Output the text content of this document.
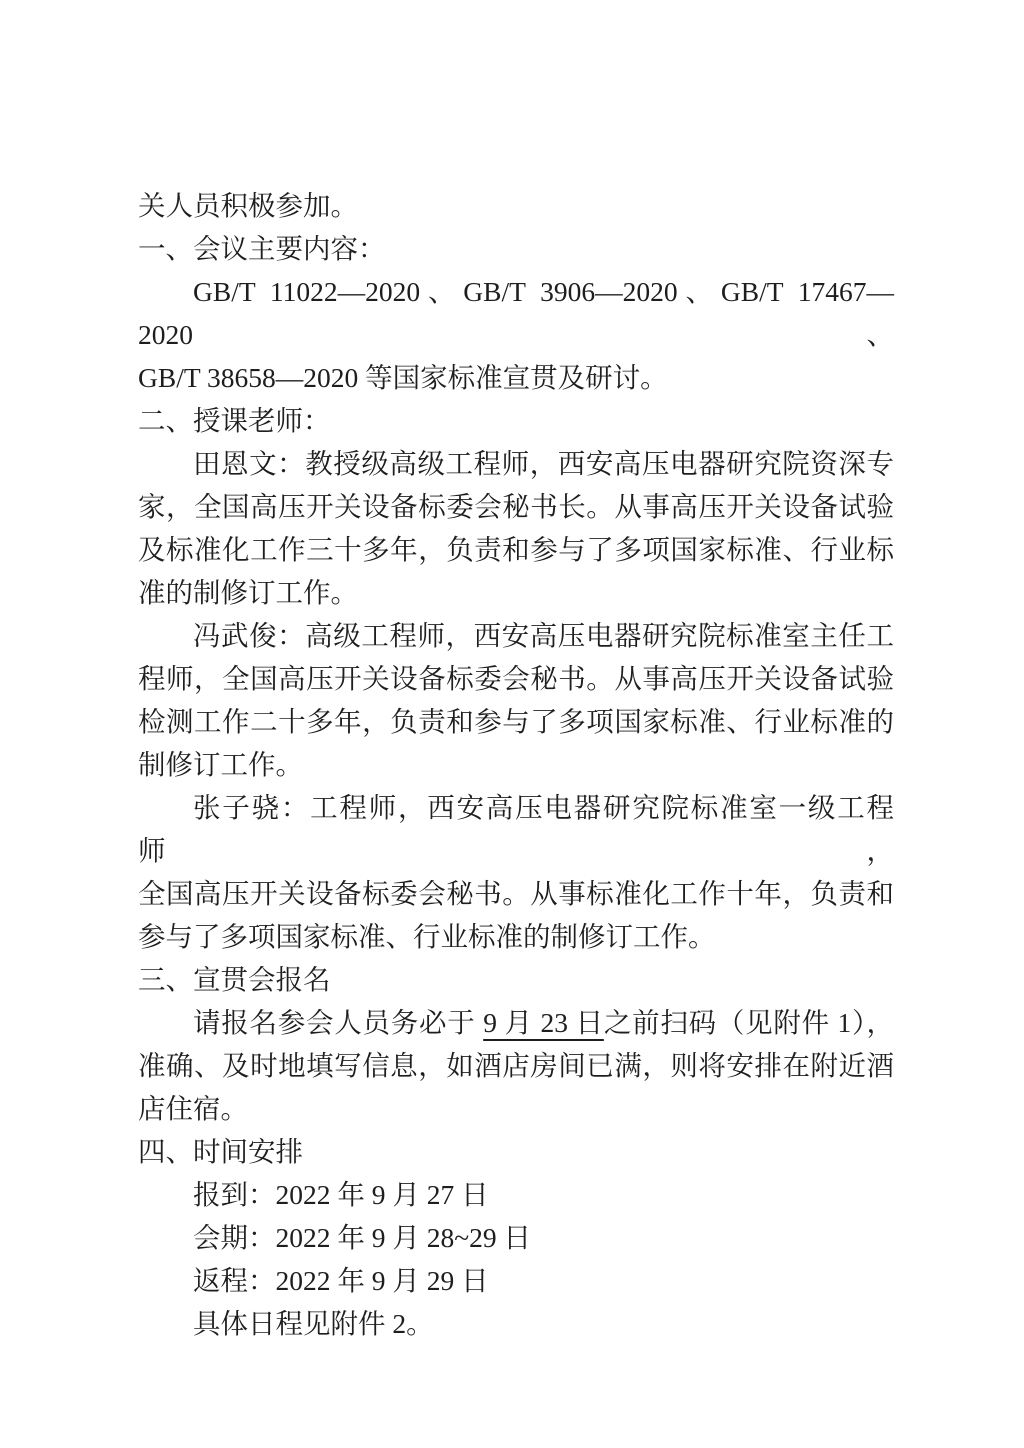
关人员积极参加。
一、会议主要内容：
GB/T 11022—2020、GB/T 3906—2020、GB/T 17467—2020、
GB/T 38658—2020 等国家标准宣贯及研讨。
二、授课老师：
田恩文：教授级高级工程师，西安高压电器研究院资深专
家，全国高压开关设备标委会秘书长。从事高压开关设备试验
及标准化工作三十多年，负责和参与了多项国家标准、行业标
准的制修订工作。
冯武俊：高级工程师，西安高压电器研究院标准室主任工
程师，全国高压开关设备标委会秘书。从事高压开关设备试验
检测工作二十多年，负责和参与了多项国家标准、行业标准的
制修订工作。
张子骁：工程师，西安高压电器研究院标准室一级工程师，
全国高压开关设备标委会秘书。从事标准化工作十年，负责和
参与了多项国家标准、行业标准的制修订工作。
三、宣贯会报名
请报名参会人员务必于 9 月 23 日之前扫码（见附件 1），
准确、及时地填写信息，如酒店房间已满，则将安排在附近酒
店住宿。
四、时间安排
报到：2022 年 9 月 27 日
会期：2022 年 9 月 28~29 日
返程：2022 年 9 月 29 日
具体日程见附件 2。
